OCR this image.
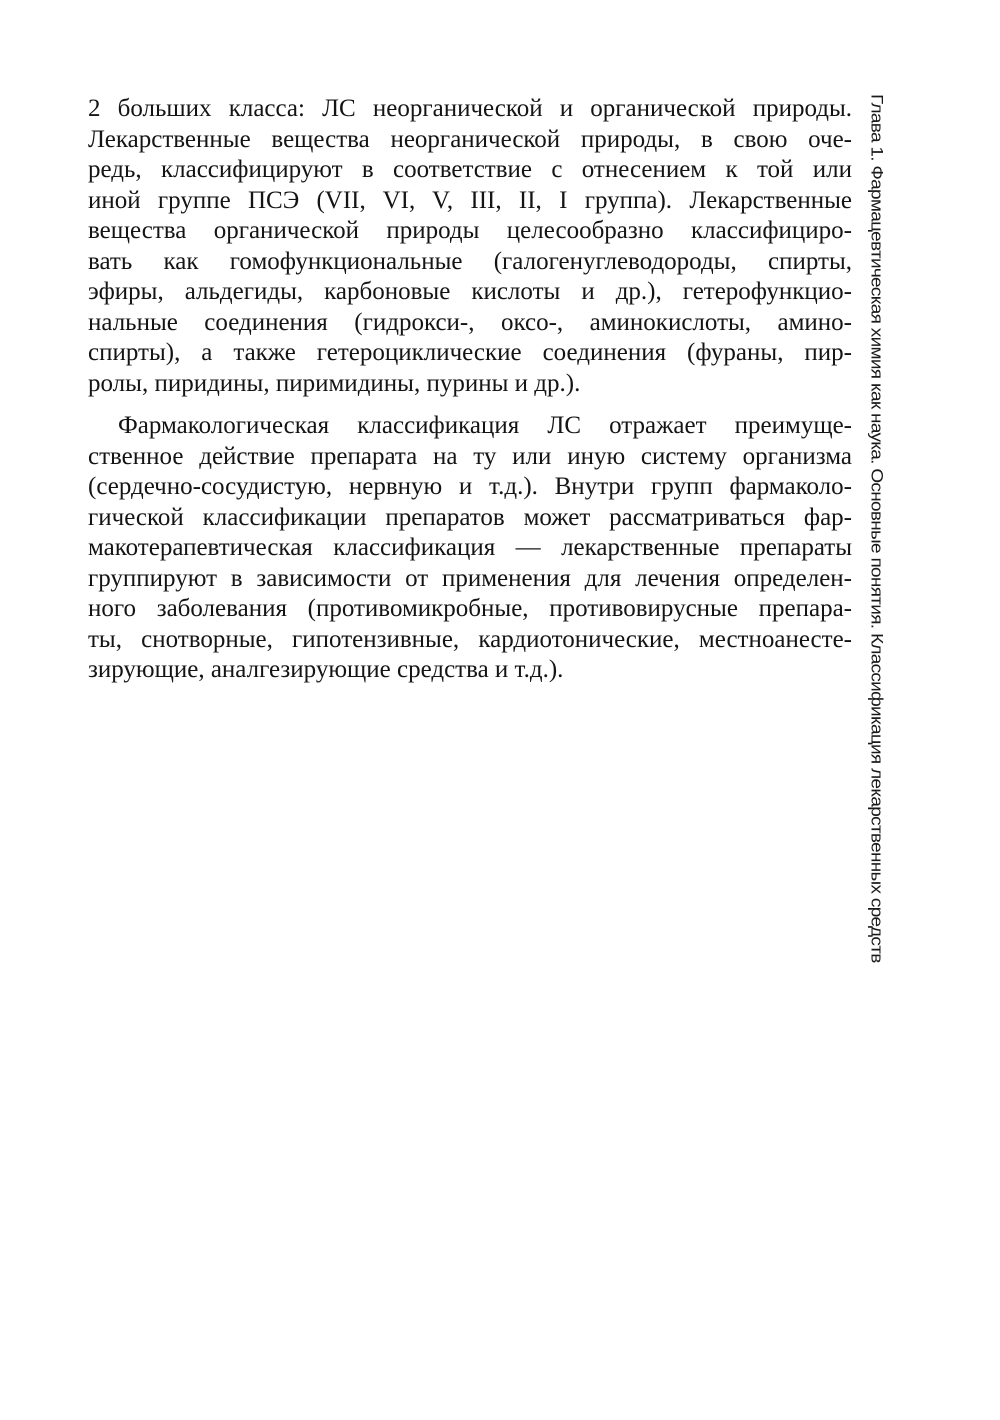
2 больших класса: ЛС неорганической и органической природы.
Лекарственные вещества неорганической природы, в свою оче-
редь, классифицируют в соответствие с отнесением к той или
иной группе ПСЭ (VII, VI, V, III, II, I группа). Лекарственные
вещества органической природы целесообразно классифициро-
вать как гомофункциональные (галогенуглеводороды, спирты,
эфиры, альдегиды, карбоновые кислоты и др.), гетерофункцио-
нальные соединения (гидрокси-, оксо-, аминокислоты, амино-
спирты), а также гетероциклические соединения (фураны, пир-
ролы, пиридины, пиримидины, пурины и др.).
Фармакологическая классификация ЛС отражает преимуще-
ственное действие препарата на ту или иную систему организма
(сердечно-сосудистую, нервную и т.д.). Внутри групп фармаколо-
гической классификации препаратов может рассматриваться фар-
макотерапевтическая классификация — лекарственные препараты
группируют в зависимости от применения для лечения определен-
ного заболевания (противомикробные, противовирусные препара-
ты, снотворные, гипотензивные, кардиотонические, местноанесте-
зирующие, аналгезирующие средства и т.д.).	Глава 1. Фармацевтическая химия как наука. Основные понятия. Классификация лекарственных средств
